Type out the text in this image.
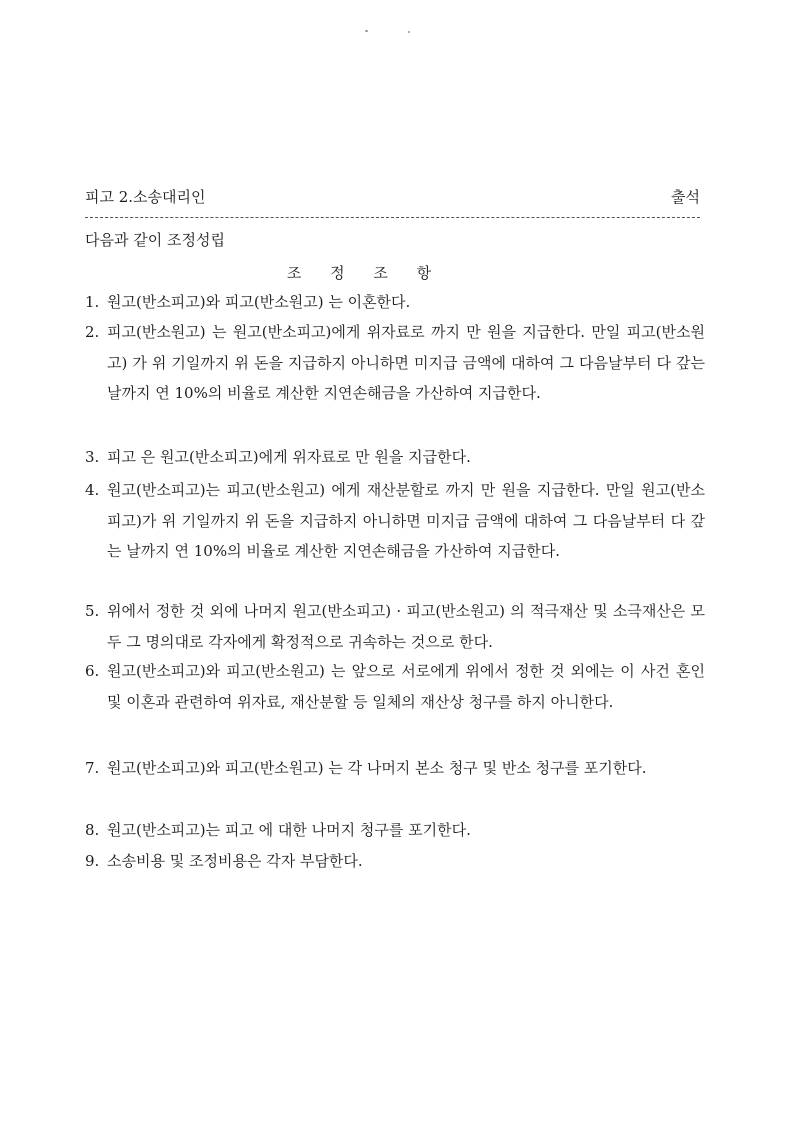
피고 2.소송대리인	출석
다음과 같이 조정성립
조 정 조 항
1. 원고(반소피고)와 피고(반소원고) 는 이혼한다.
2. 피고(반소원고) 는 원고(반소피고)에게 위자료로 까지 만 원을 지급한다. 만일 피고(반소원고) 가 위 기일까지 위 돈을 지급하지 아니하면 미지급 금액에 대하여 그 다음날부터 다 갚는 날까지 연 10%의 비율로 계산한 지연손해금을 가산하여 지급한다.
3. 피고 은 원고(반소피고)에게 위자료로 만 원을 지급한다.
4. 원고(반소피고)는 피고(반소원고) 에게 재산분할로 까지 만 원을 지급한다. 만일 원고(반소피고)가 위 기일까지 위 돈을 지급하지 아니하면 미지급 금액에 대하여 그 다음날부터 다 갚는 날까지 연 10%의 비율로 계산한 지연손해금을 가산하여 지급한다.
5. 위에서 정한 것 외에 나머지 원고(반소피고) · 피고(반소원고) 의 적극재산 및 소극재산은 모두 그 명의대로 각자에게 확정적으로 귀속하는 것으로 한다.
6. 원고(반소피고)와 피고(반소원고) 는 앞으로 서로에게 위에서 정한 것 외에는 이 사건 혼인 및 이혼과 관련하여 위자료, 재산분할 등 일체의 재산상 청구를 하지 아니한다.
7. 원고(반소피고)와 피고(반소원고) 는 각 나머지 본소 청구 및 반소 청구를 포기한다.
8. 원고(반소피고)는 피고 에 대한 나머지 청구를 포기한다.
9. 소송비용 및 조정비용은 각자 부담한다.
